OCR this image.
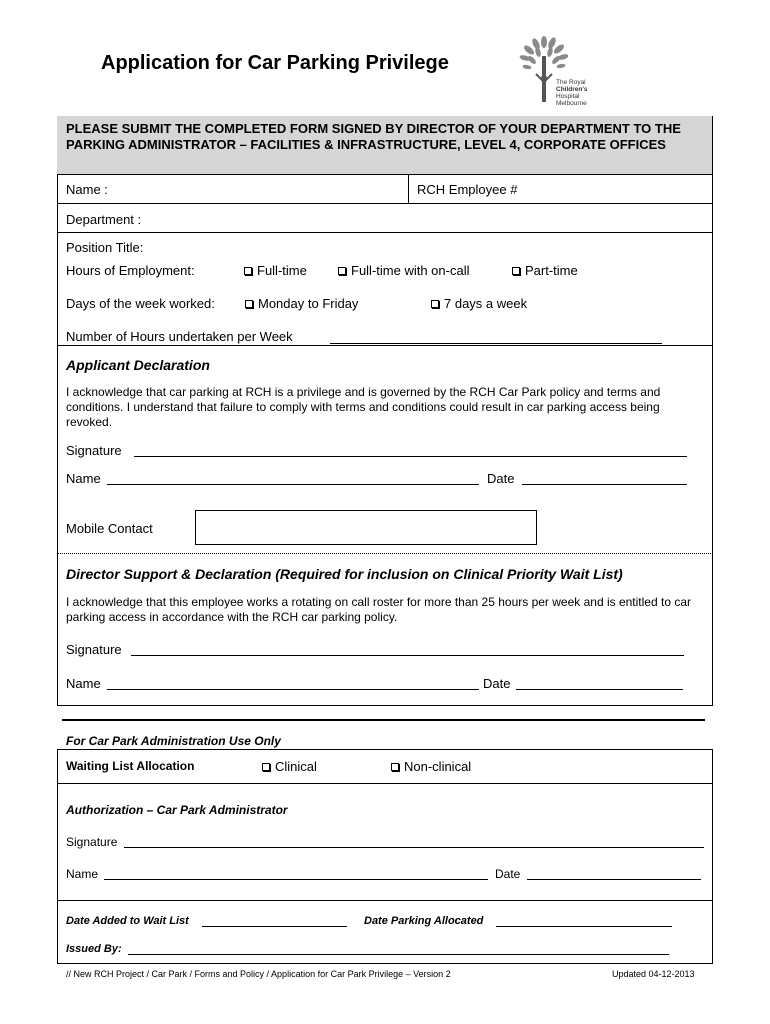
Application for Car Parking Privilege
The Royal
Children's
Hospital
Melbourne
PLEASE SUBMIT THE COMPLETED FORM SIGNED BY DIRECTOR OF YOUR DEPARTMENT TO THE PARKING ADMINISTRATOR – FACILITIES & INFRASTRUCTURE, LEVEL 4, CORPORATE OFFICES
Name :	RCH Employee #
Department :
Position Title:
Hours of Employment:	Full-time	Full-time with on-call	Part-time
Days of the week worked:	Monday to Friday	7 days a week
Number of Hours undertaken per Week
Applicant Declaration
I acknowledge that car parking at RCH is a privilege and is governed by the RCH Car Park policy and terms and conditions. I understand that failure to comply with terms and conditions could result in car parking access being revoked.
Signature
Name	Date
Mobile Contact
Director Support & Declaration (Required for inclusion on Clinical Priority Wait List)
I acknowledge that this employee works a rotating on call roster for more than 25 hours per week and is entitled to car parking access in accordance with the RCH car parking policy.
Signature
Name	Date
For Car Park Administration Use Only
Waiting List Allocation	Clinical	Non-clinical
Authorization – Car Park Administrator
Signature
Name	Date
Date Added to Wait List	Date Parking Allocated
Issued By:
// New RCH Project / Car Park / Forms and Policy / Application for Car Park Privilege – Version 2	Updated 04-12-2013
